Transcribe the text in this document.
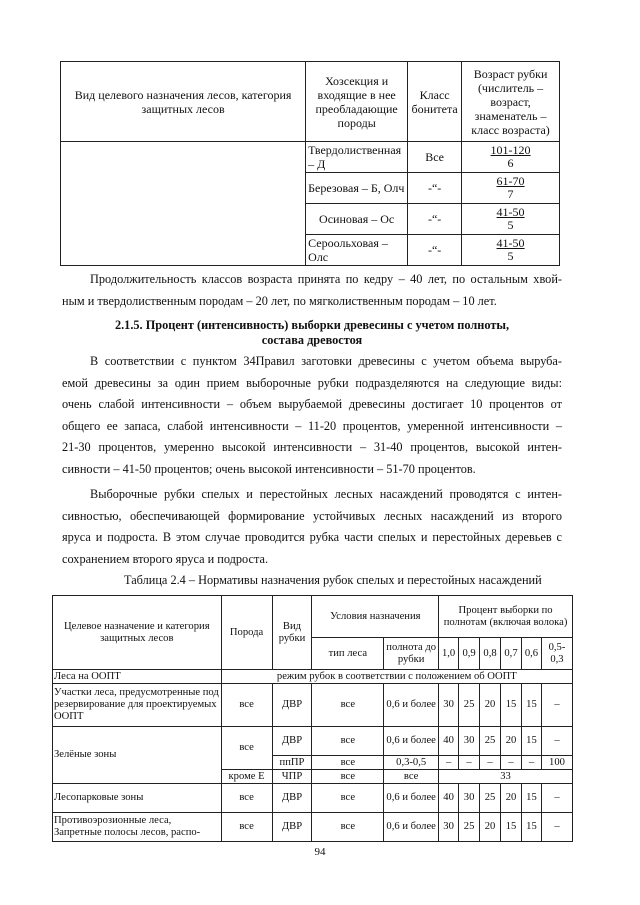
Вид целевого назначения лесов, категория защитных лесов	Хозсекция и входящие в нее преобладающие породы	Класс бонитета	Возраст рубки (числитель – возраст, знаменатель – класс возраста)
	Твердолиственная – Д	Все	$\frac{101-120}{6}$

	Березовая – Б, Олч	-“-	$\frac{61-70}{7}$

	Осиновая – Ос	-“-	$\frac{41-50}{5}$

	Сероольховая – Олс	-“-	$\frac{41-50}{5}$
Продолжительность классов возраста принята по кедру – 40 лет, по остальным хвой-
ным и твердолиственным породам – 20 лет, по мягколиственным породам – 10 лет.
2.1.5. Процент (интенсивность) выборки древесины с учетом полноты,
состава древостоя
В соответствии с пунктом 34Правил заготовки древесины с учетом объема выруба-
емой древесины за один прием выборочные рубки подразделяются на следующие виды:
очень слабой интенсивности – объем вырубаемой древесины достигает 10 процентов от
общего ее запаса, слабой интенсивности – 11-20 процентов, умеренной интенсивности –
21-30 процентов, умеренно высокой интенсивности – 31-40 процентов, высокой интен-
сивности – 41-50 процентов; очень высокой интенсивности – 51-70 процентов.
Выборочные рубки спелых и перестойных лесных насаждений проводятся с интен-
сивностью, обеспечивающей формирование устойчивых лесных насаждений из второго
яруса и подроста. В этом случае проводится рубка части спелых и перестойных деревьев с
сохранением второго яруса и подроста.
Таблица 2.4 – Нормативы назначения рубок спелых и перестойных насаждений
Целевое назначение и категория защитных лесов	Порода	Вид рубки	Условия назначения		Процент выборки по полнотам (включая волока)					
			тип леса	полнота до рубки	1,0	0,9	0,8	0,7	0,6	0,5-0,3
Леса на ООПТ	режим рубок в соответствии с положением об ООПТ									
Участки леса, предусмотренные под резервирование для проектируемых ООПТ	все	ДВР	все	0,6 и более	30	25	20	15	15	–
Зелёные зоны	все	ДВР	все	0,6 и более	40	30	25	20	15	–
		ппПР	все	0,3-0,5	–	–	–	–	–	100
	кроме Е	ЧПР	все	все	33					
Лесопарковые зоны	все	ДВР	все	0,6 и более	40	30	25	20	15	–
Противоэрозионные леса, Запретные полосы лесов, распо-	все	ДВР	все	0,6 и более	30	25	20	15	15	–
94
